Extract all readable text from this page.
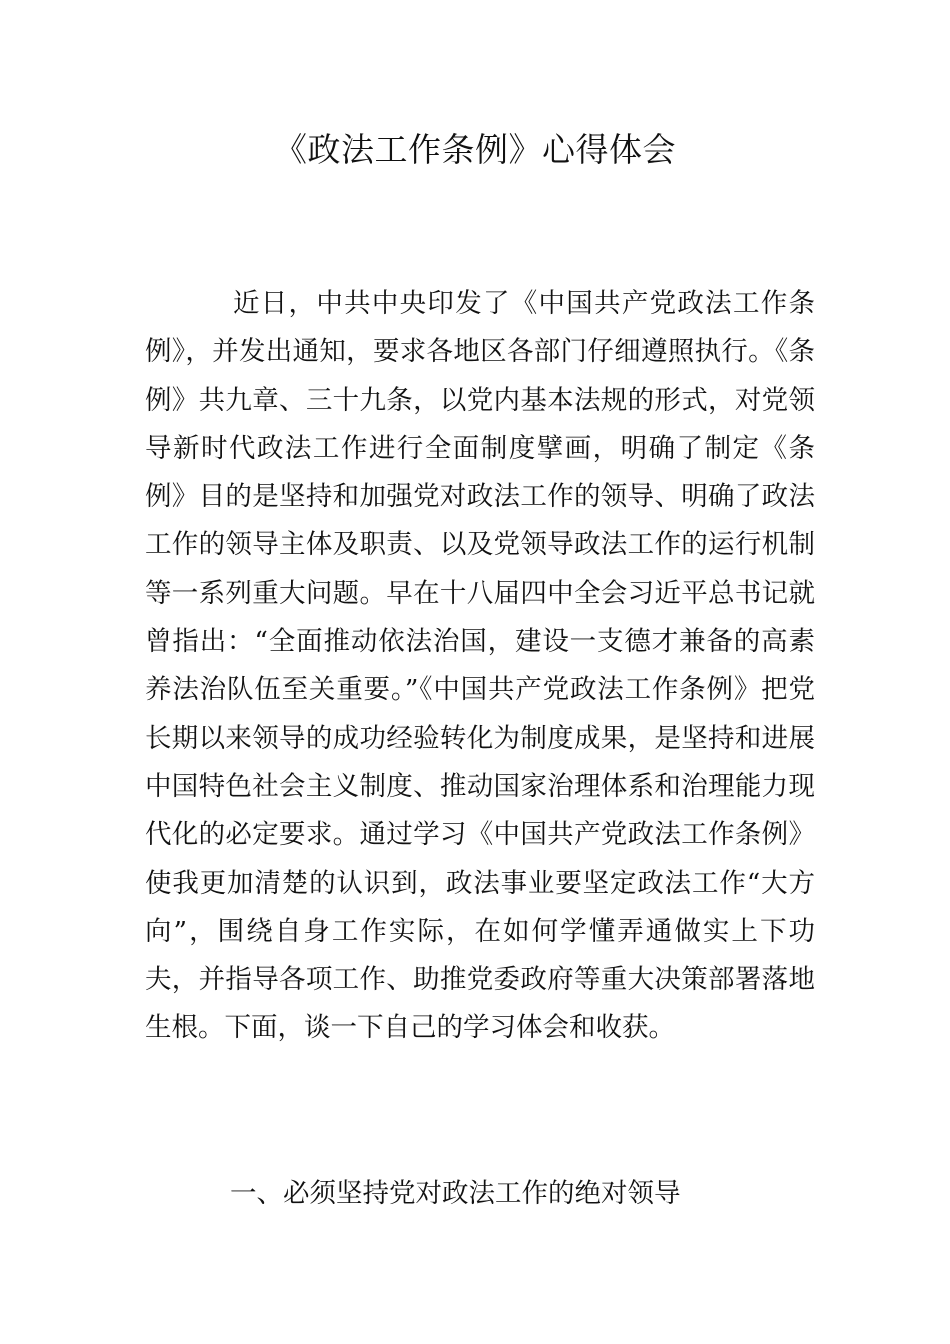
《政法工作条例》心得体会

近日，中共中央印发了《中国共产党政法工作条例》，并发出通知，要求各地区各部门仔细遵照执行。《条例》共九章、三十九条，以党内基本法规的形式，对党领导新时代政法工作进行全面制度擘画，明确了制定《条例》目的是坚持和加强党对政法工作的领导、明确了政法工作的领导主体及职责、以及党领导政法工作的运行机制等一系列重大问题。早在十八届四中全会习近平总书记就曾指出：“全面推动依法治国，建设一支德才兼备的高素养法治队伍至关重要。”《中国共产党政法工作条例》把党长期以来领导的成功经验转化为制度成果，是坚持和进展中国特色社会主义制度、推动国家治理体系和治理能力现代化的必定要求。通过学习《中国共产党政法工作条例》使我更加清楚的认识到，政法事业要坚定政法工作“大方向”，围绕自身工作实际，在如何学懂弄通做实上下功夫，并指导各项工作、助推党委政府等重大决策部署落地生根。下面，谈一下自己的学习体会和收获。

一、必须坚持党对政法工作的绝对领导
